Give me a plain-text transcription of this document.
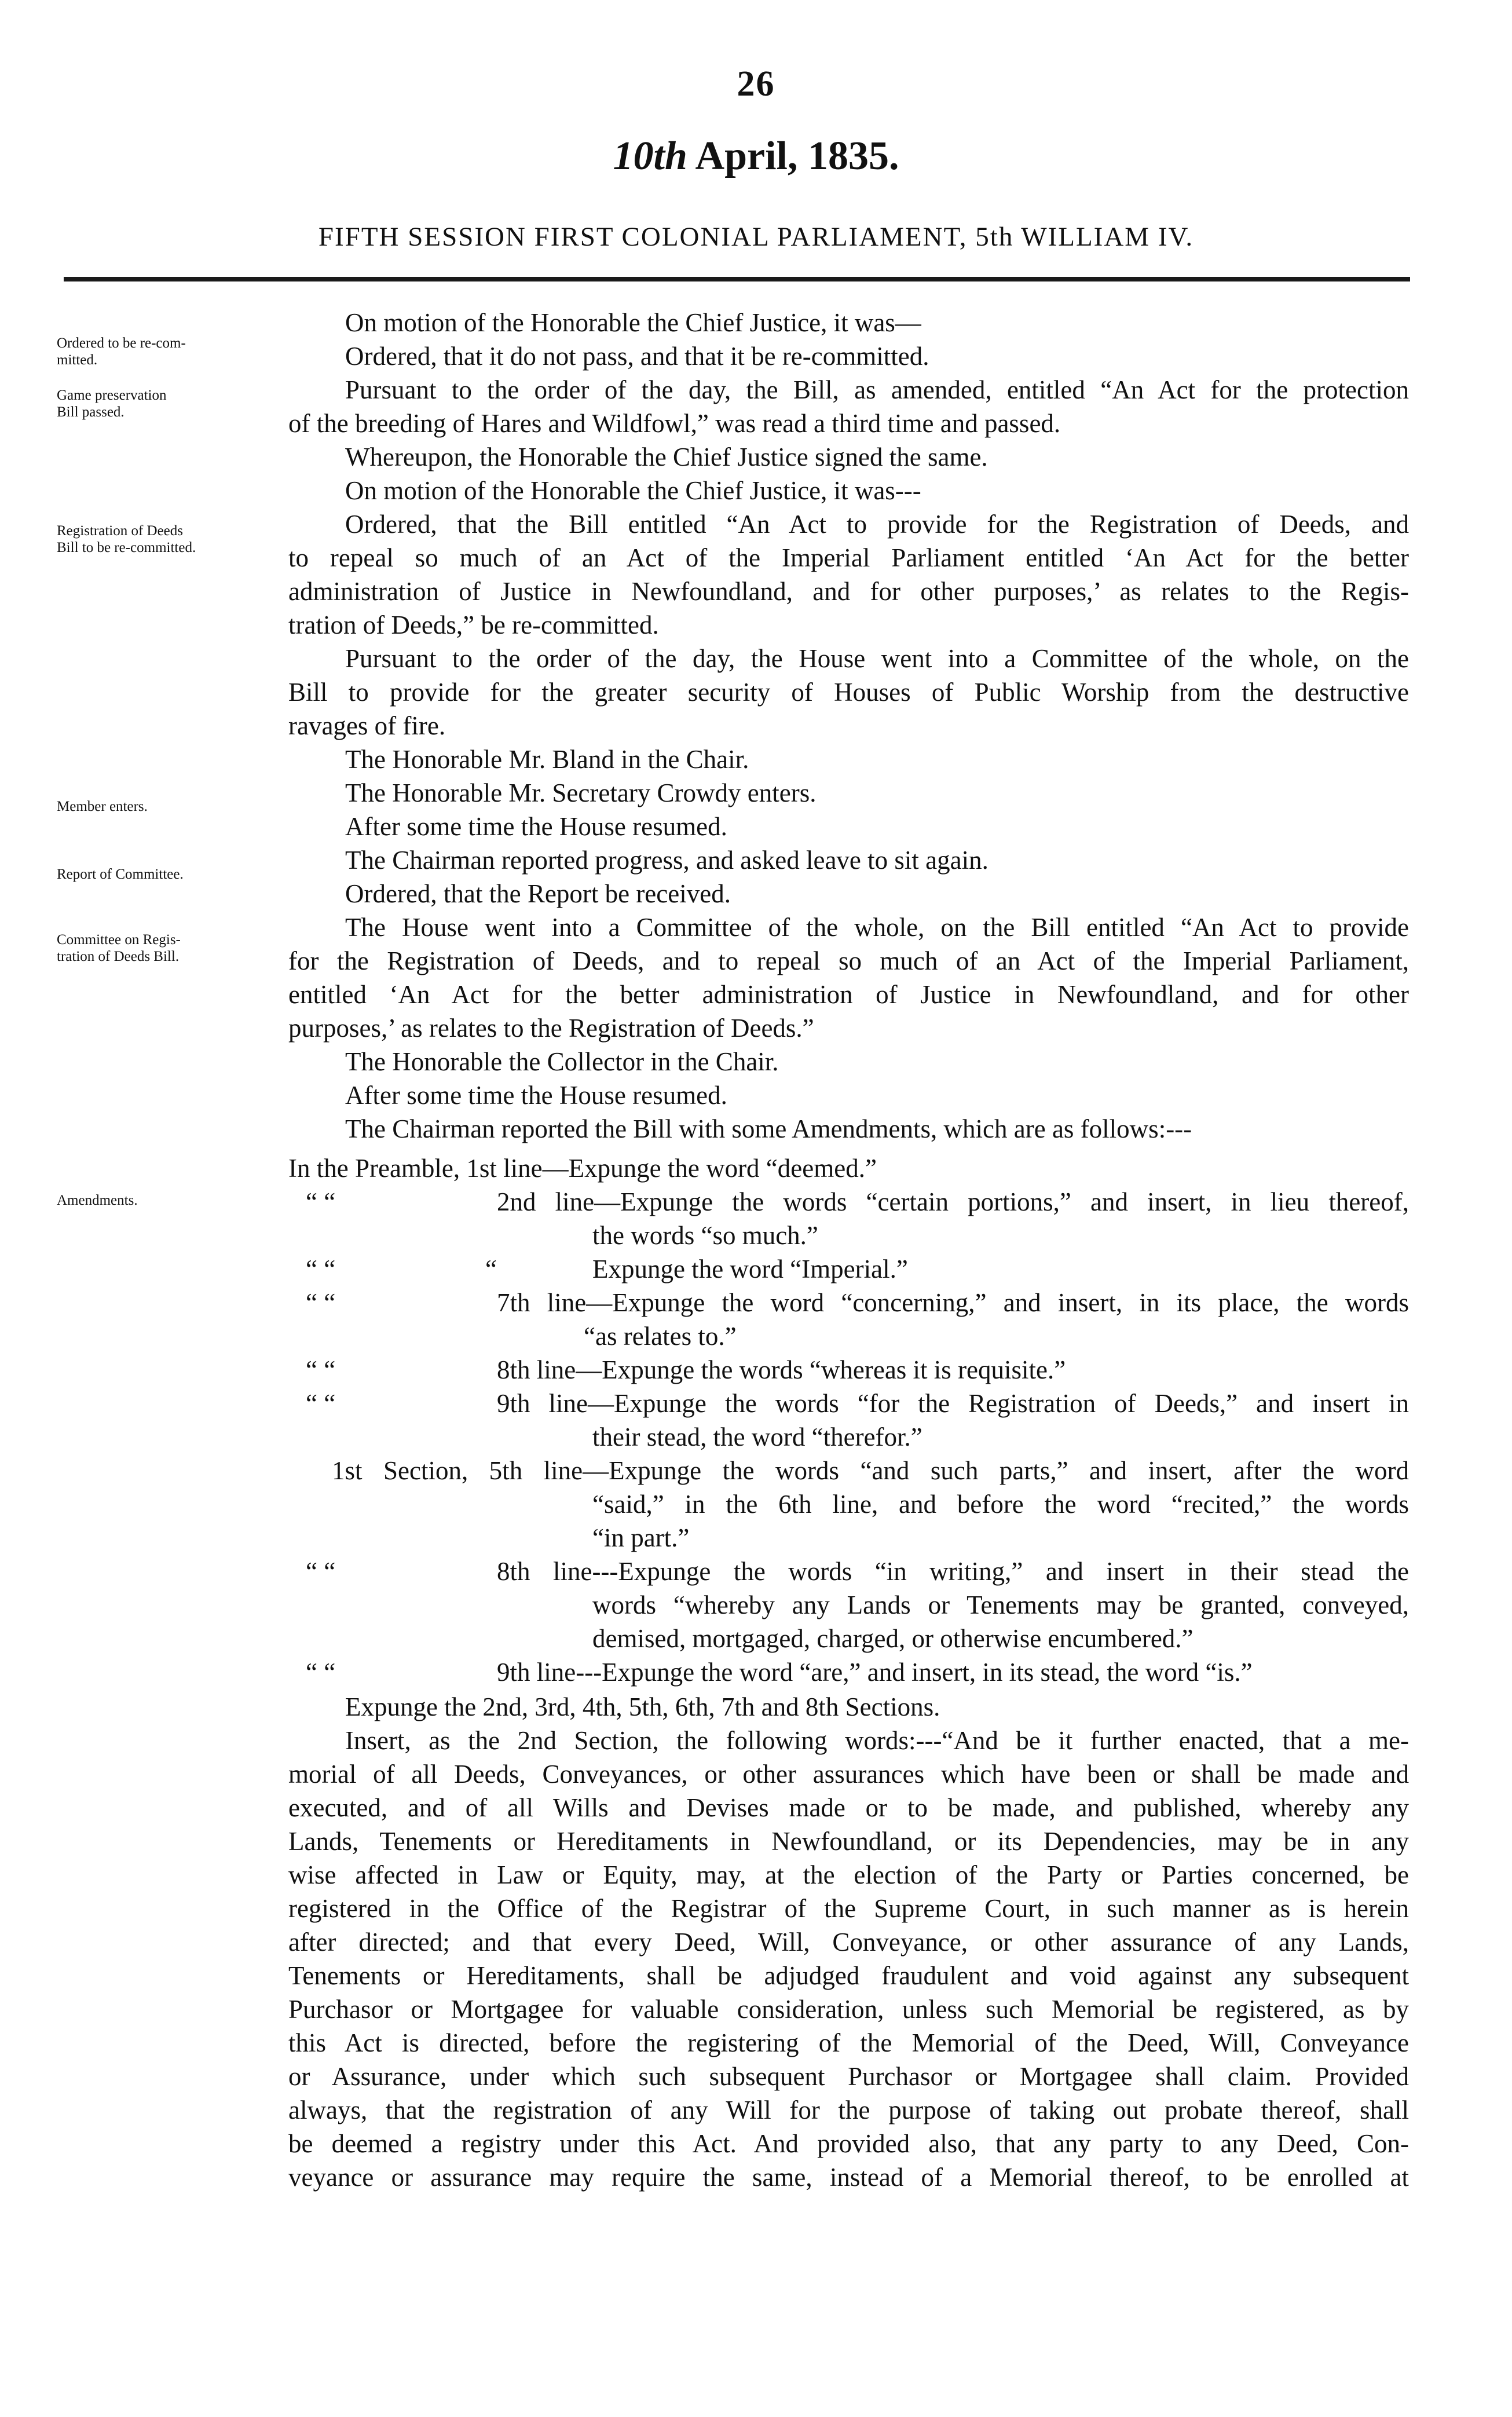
26
10th April, 1835.
FIFTH SESSION FIRST COLONIAL PARLIAMENT, 5th WILLIAM IV.
Ordered to be re-com-
mitted.
Game preservation
Bill passed.
Registration of Deeds
Bill to be re-committed.
Member enters.
Report of Committee.
Committee on Regis-
tration of Deeds Bill.
Amendments.
On motion of the Honorable the Chief Justice, it was—
Ordered, that it do not pass, and that it be re-committed.
Pursuant to the order of the day, the Bill, as amended, entitled “An Act for the protection
of the breeding of Hares and Wildfowl,” was read a third time and passed.
Whereupon, the Honorable the Chief Justice signed the same.
On motion of the Honorable the Chief Justice, it was---
Ordered, that the Bill entitled “An Act to provide for the Registration of Deeds, and
to repeal so much of an Act of the Imperial Parliament entitled ‘An Act for the better
administration of Justice in Newfoundland, and for other purposes,’ as relates to the Regis-
tration of Deeds,” be re-committed.
Pursuant to the order of the day, the House went into a Committee of the whole, on the
Bill to provide for the greater security of Houses of Public Worship from the destructive
ravages of fire.
The Honorable Mr. Bland in the Chair.
The Honorable Mr. Secretary Crowdy enters.
After some time the House resumed.
The Chairman reported progress, and asked leave to sit again.
Ordered, that the Report be received.
The House went into a Committee of the whole, on the Bill entitled “An Act to provide
for the Registration of Deeds, and to repeal so much of an Act of the Imperial Parliament,
entitled ‘An Act for the better administration of Justice in Newfoundland, and for other
purposes,’ as relates to the Registration of Deeds.”
The Honorable the Collector in the Chair.
After some time the House resumed.
The Chairman reported the Bill with some Amendments, which are as follows:---
In the Preamble, 1st line—Expunge the word “deemed.”
“ “	2nd line—Expunge the words “certain portions,” and insert, in lieu thereof,
the words “so much.”
“ “	“	Expunge the word “Imperial.”
“ “	7th line—Expunge the word “concerning,” and insert, in its place, the words
“as relates to.”
“ “	8th line—Expunge the words “whereas it is requisite.”
“ “	9th line—Expunge the words “for the Registration of Deeds,” and insert in
their stead, the word “therefor.”
1st Section, 5th line—Expunge the words “and such parts,” and insert, after the word
“said,” in the 6th line, and before the word “recited,” the words
“in part.”
“ “	8th line---Expunge the words “in writing,” and insert in their stead the
words “whereby any Lands or Tenements may be granted, conveyed,
demised, mortgaged, charged, or otherwise encumbered.”
“ “	9th line---Expunge the word “are,” and insert, in its stead, the word “is.”
Expunge the 2nd, 3rd, 4th, 5th, 6th, 7th and 8th Sections.
Insert, as the 2nd Section, the following words:---“And be it further enacted, that a me-
morial of all Deeds, Conveyances, or other assurances which have been or shall be made and
executed, and of all Wills and Devises made or to be made, and published, whereby any
Lands, Tenements or Hereditaments in Newfoundland, or its Dependencies, may be in any
wise affected in Law or Equity, may, at the election of the Party or Parties concerned, be
registered in the Office of the Registrar of the Supreme Court, in such manner as is herein
after directed; and that every Deed, Will, Conveyance, or other assurance of any Lands,
Tenements or Hereditaments, shall be adjudged fraudulent and void against any subsequent
Purchasor or Mortgagee for valuable consideration, unless such Memorial be registered, as by
this Act is directed, before the registering of the Memorial of the Deed, Will, Conveyance
or Assurance, under which such subsequent Purchasor or Mortgagee shall claim. Provided
always, that the registration of any Will for the purpose of taking out probate thereof, shall
be deemed a registry under this Act. And provided also, that any party to any Deed, Con-
veyance or assurance may require the same, instead of a Memorial thereof, to be enrolled at
